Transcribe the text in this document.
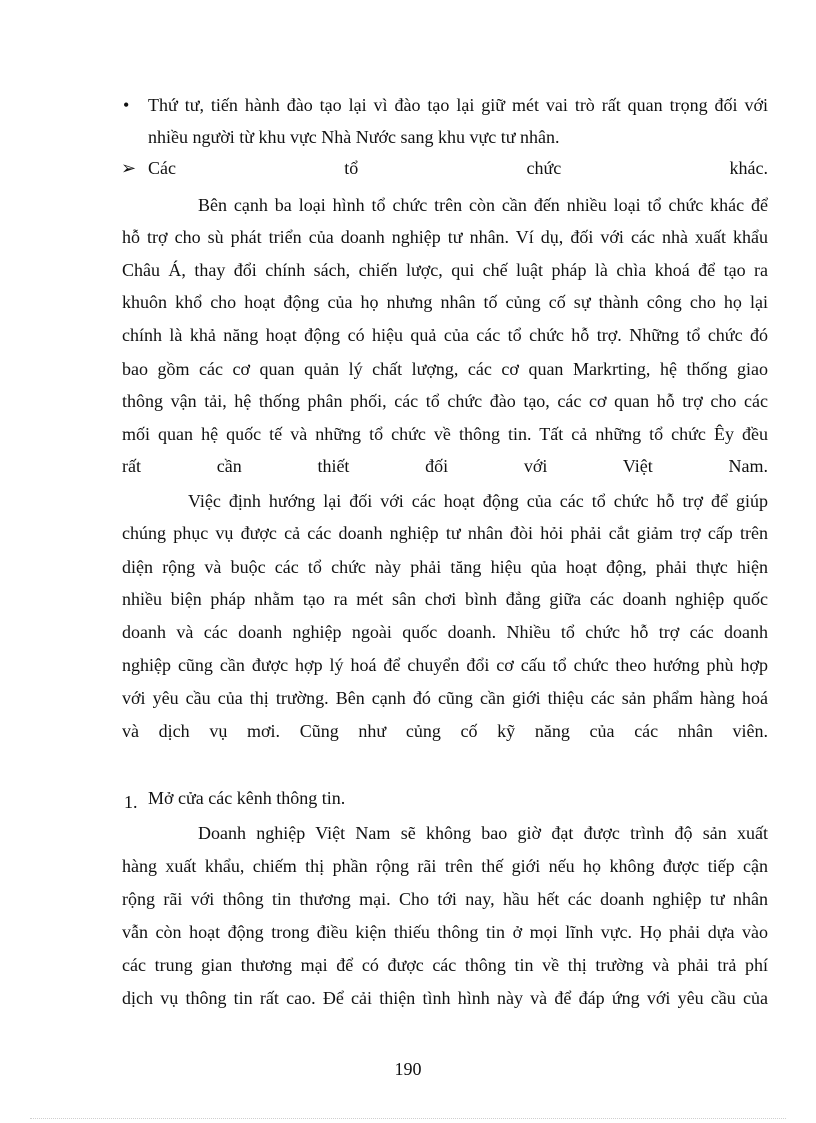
• Thứ tư, tiến hành đào tạo lại vì đào tạo lại giữ mét vai trò rất quan trọng đối với
nhiều người từ khu vực Nhà Nước sang khu vực tư nhân.
➢ Các tổ chức khác.
Bên cạnh ba loại hình tổ chức trên còn cần đến nhiều loại tổ chức khác để
hỗ trợ cho sù phát triển của doanh nghiệp tư nhân. Ví dụ, đối với các nhà xuất khẩu
Châu Á, thay đổi chính sách, chiến lược, qui chế luật pháp là chìa khoá để tạo ra
khuôn khổ cho hoạt động của họ nhưng nhân tố củng cố sự thành công cho họ lại
chính là khả năng hoạt động có hiệu quả của các tổ chức hỗ trợ. Những tổ chức đó
bao gồm các cơ quan quản lý chất lượng, các cơ quan Markrting, hệ thống giao
thông vận tải, hệ thống phân phối, các tổ chức đào tạo, các cơ quan hỗ trợ cho các
mối quan hệ quốc tế và những tổ chức về thông tin. Tất cả những tổ chức Êy đều
rất cần thiết đối với Việt Nam.
Việc định hướng lại đối với các hoạt động của các tổ chức hỗ trợ để giúp
chúng phục vụ được cả các doanh nghiệp tư nhân đòi hỏi phải cắt giảm trợ cấp trên
diện rộng và buộc các tổ chức này phải tăng hiệu qủa hoạt động, phải thực hiện
nhiều biện pháp nhằm tạo ra mét sân chơi bình đẳng giữa các doanh nghiệp quốc
doanh và các doanh nghiệp ngoài quốc doanh. Nhiều tổ chức hỗ trợ các doanh
nghiệp cũng cần được hợp lý hoá để chuyển đổi cơ cấu tổ chức theo hướng phù hợp
với yêu cầu của thị trường. Bên cạnh đó cũng cần giới thiệu các sản phẩm hàng hoá
và dịch vụ mơi. Cũng như củng cố kỹ năng của các nhân viên.
1. Mở cửa các kênh thông tin.
Doanh nghiệp Việt Nam sẽ không bao giờ đạt được trình độ sản xuất
hàng xuất khẩu, chiếm thị phần rộng rãi trên thế giới nếu họ không được tiếp cận
rộng rãi với thông tin thương mại. Cho tới nay, hầu hết các doanh nghiệp tư nhân
vẫn còn hoạt động trong điều kiện thiếu thông tin ở mọi lĩnh vực. Họ phải dựa vào
các trung gian thương mại để có được các thông tin về thị trường và phải trả phí
dịch vụ thông tin rất cao. Để cải thiện tình hình này và để đáp ứng với yêu cầu của
190
